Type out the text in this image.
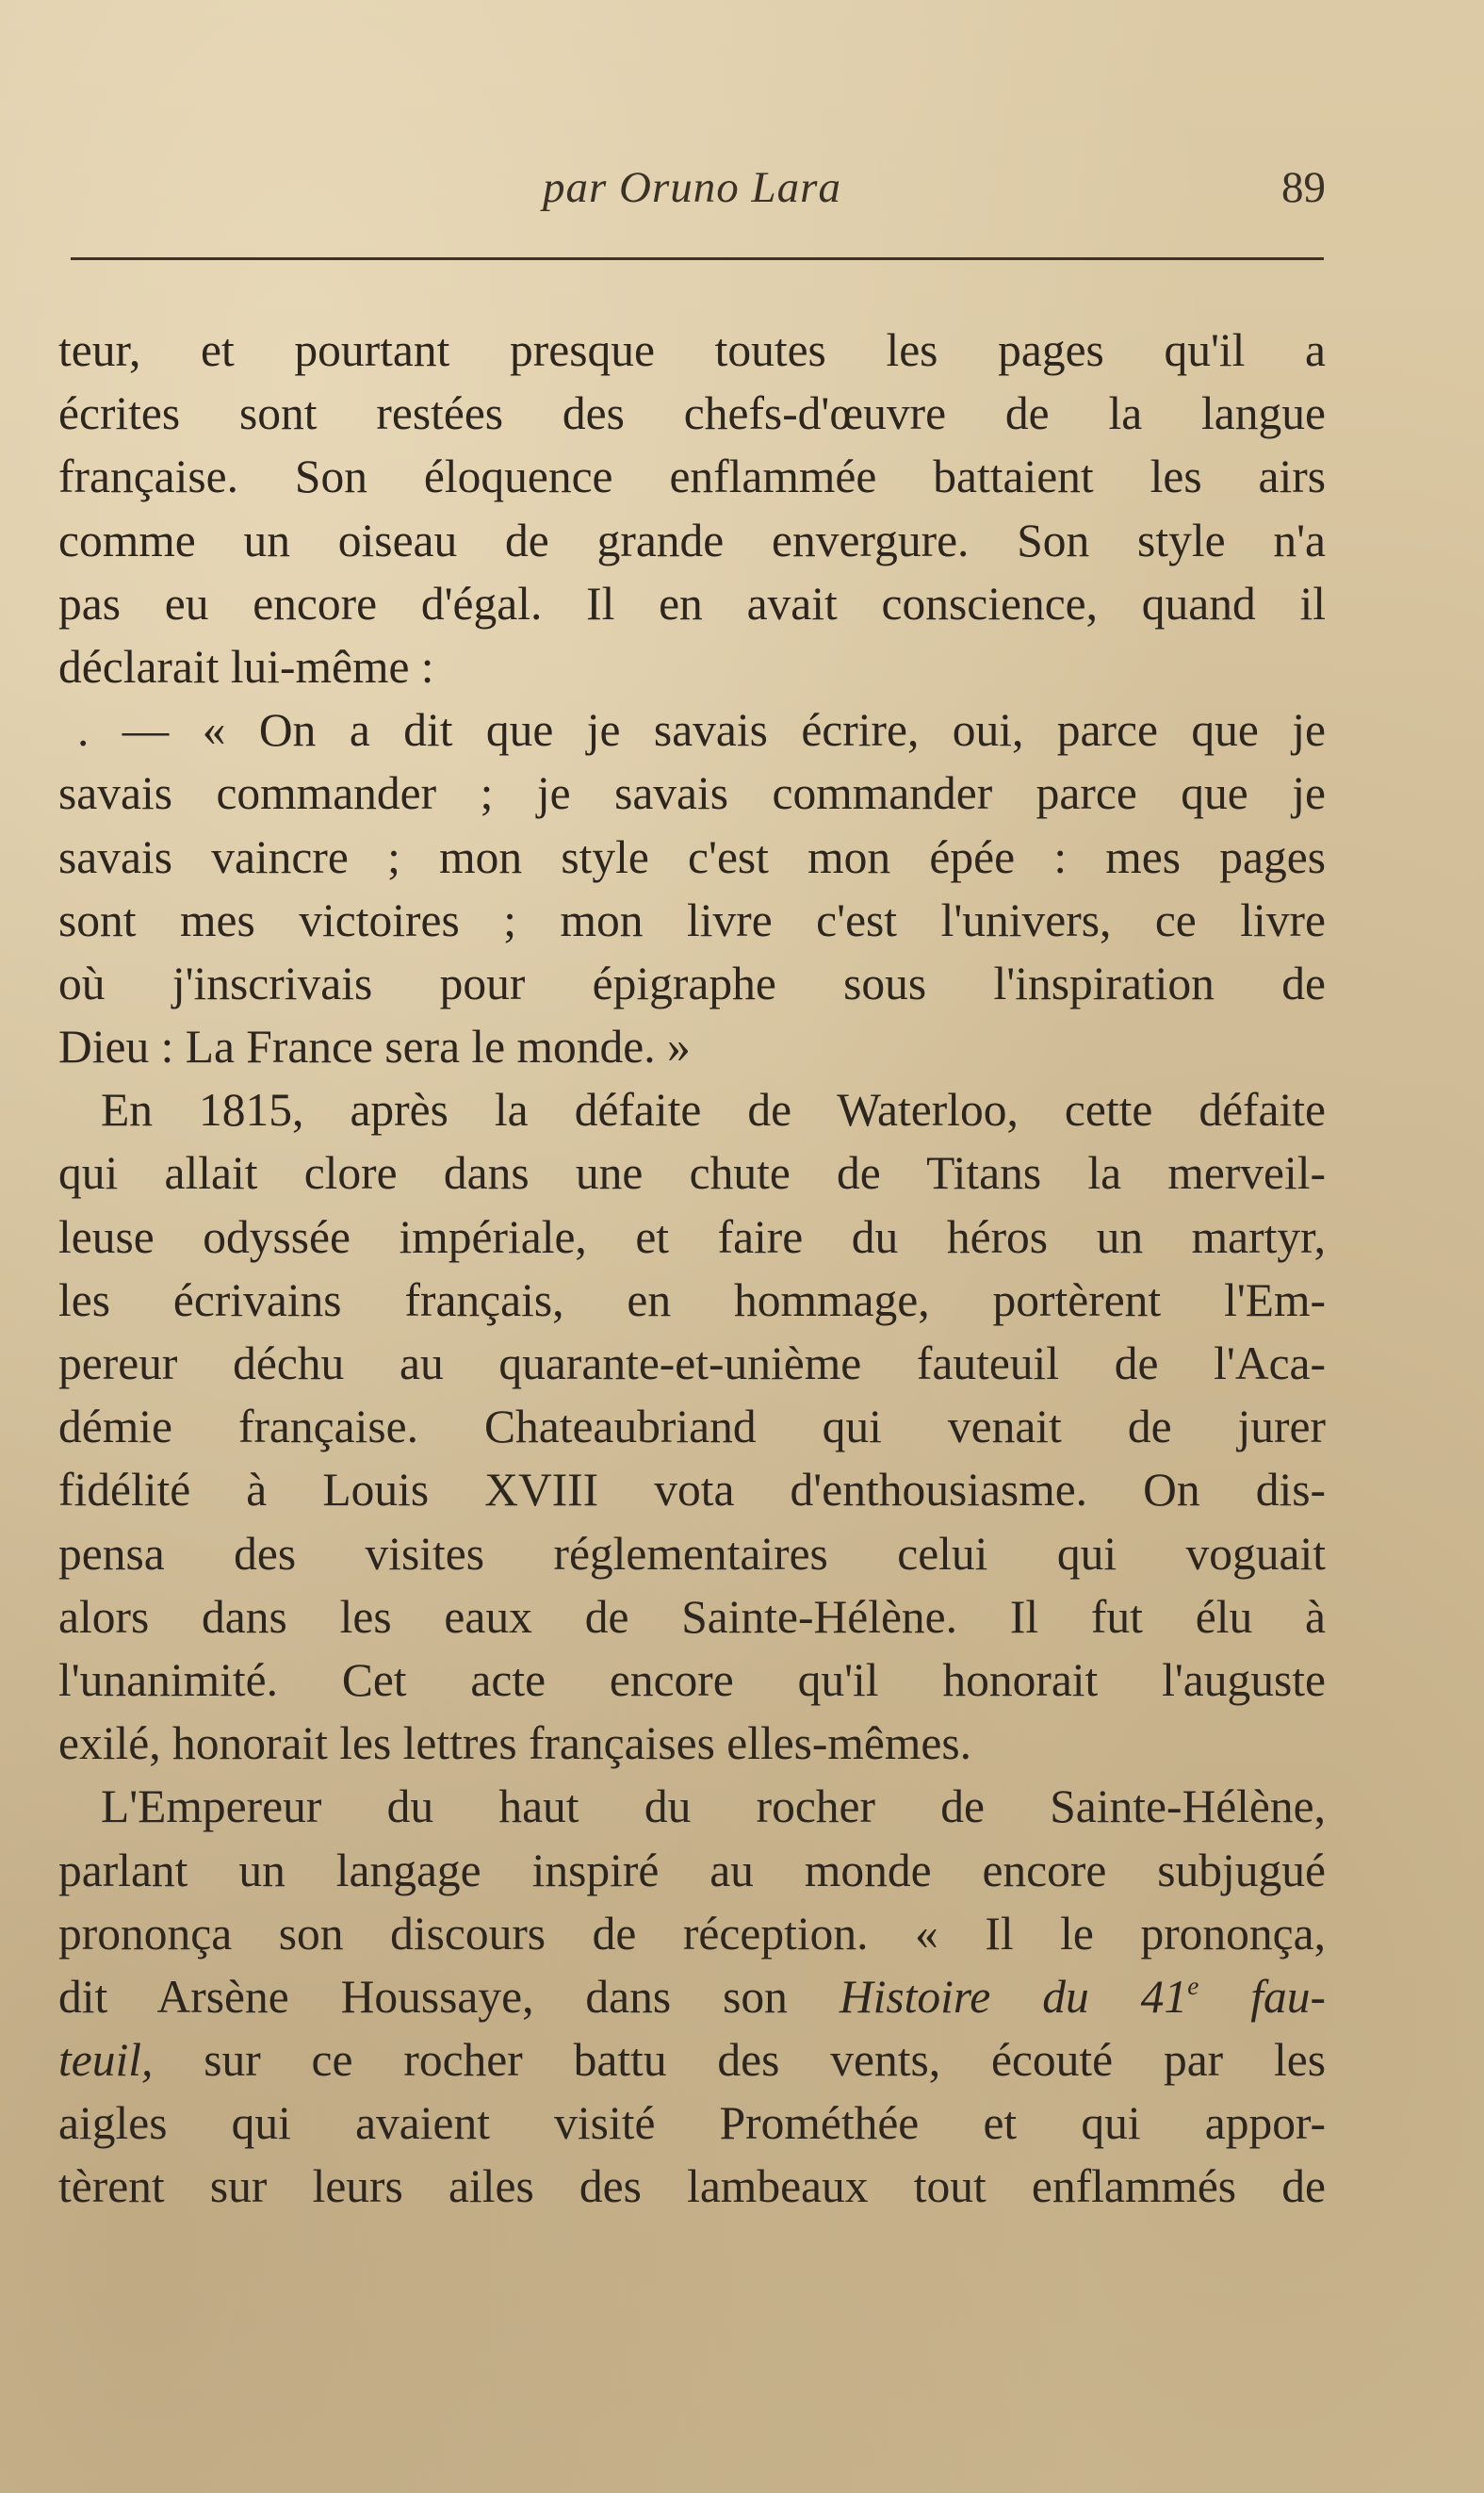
par Oruno Lara	89
teur, et pourtant presque toutes les pages qu'il a
écrites sont restées des chefs-d'œuvre de la langue
française. Son éloquence enflammée battaient les airs
comme un oiseau de grande envergure. Son style n'a
pas eu encore d'égal. Il en avait conscience, quand il
déclarait lui-même :
. — « On a dit que je savais écrire, oui, parce que je
savais commander ; je savais commander parce que je
savais vaincre ; mon style c'est mon épée : mes pages
sont mes victoires ; mon livre c'est l'univers, ce livre
où j'inscrivais pour épigraphe sous l'inspiration de
Dieu : La France sera le monde. »
En 1815, après la défaite de Waterloo, cette défaite
qui allait clore dans une chute de Titans la merveil-
leuse odyssée impériale, et faire du héros un martyr,
les écrivains français, en hommage, portèrent l'Em-
pereur déchu au quarante-et-unième fauteuil de l'Aca-
démie française. Chateaubriand qui venait de jurer
fidélité à Louis XVIII vota d'enthousiasme. On dis-
pensa des visites réglementaires celui qui voguait
alors dans les eaux de Sainte-Hélène. Il fut élu à
l'unanimité. Cet acte encore qu'il honorait l'auguste
exilé, honorait les lettres françaises elles-mêmes.
L'Empereur du haut du rocher de Sainte-Hélène,
parlant un langage inspiré au monde encore subjugué
prononça son discours de réception. « Il le prononça,
dit Arsène Houssaye, dans son Histoire du 41e fau-
teuil, sur ce rocher battu des vents, écouté par les
aigles qui avaient visité Prométhée et qui appor-
tèrent sur leurs ailes des lambeaux tout enflammés de
